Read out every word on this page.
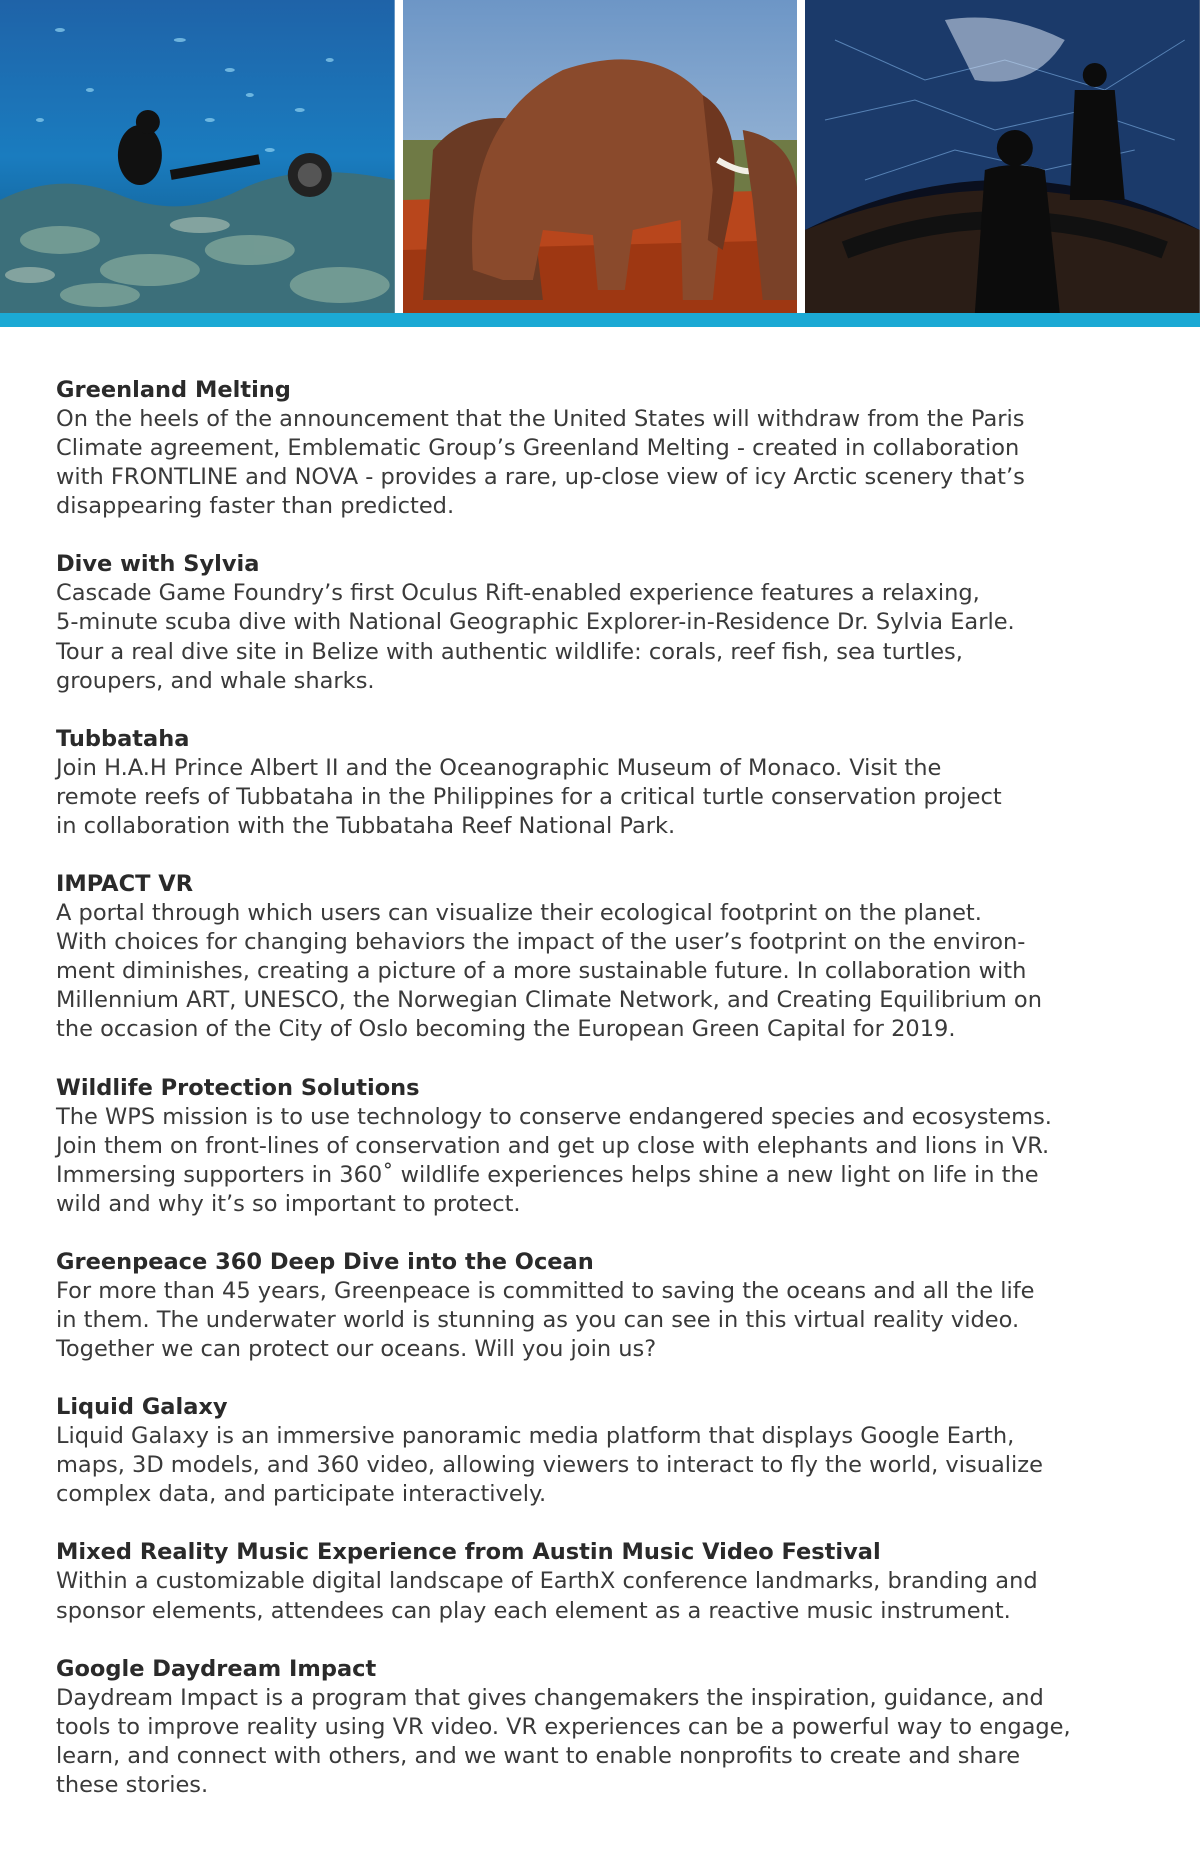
Greenland Melting
On the heels of the announcement that the United States will withdraw from the Paris
Climate agreement, Emblematic Group’s Greenland Melting - created in collaboration
with FRONTLINE and NOVA - provides a rare, up-close view of icy Arctic scenery that’s
disappearing faster than predicted.
Dive with Sylvia
Cascade Game Foundry’s first Oculus Rift-enabled experience features a relaxing,
5-minute scuba dive with National Geographic Explorer-in-Residence Dr. Sylvia Earle.
Tour a real dive site in Belize with authentic wildlife: corals, reef fish, sea turtles,
groupers, and whale sharks.
Tubbataha
Join H.A.H Prince Albert II and the Oceanographic Museum of Monaco. Visit the
remote reefs of Tubbataha in the Philippines for a critical turtle conservation project
in collaboration with the Tubbataha Reef National Park.
IMPACT VR
A portal through which users can visualize their ecological footprint on the planet.
With choices for changing behaviors the impact of the user’s footprint on the environ-
ment diminishes, creating a picture of a more sustainable future. In collaboration with
Millennium ART, UNESCO, the Norwegian Climate Network, and Creating Equilibrium on
the occasion of the City of Oslo becoming the European Green Capital for 2019.
Wildlife Protection Solutions
The WPS mission is to use technology to conserve endangered species and ecosystems.
Join them on front-lines of conservation and get up close with elephants and lions in VR.
Immersing supporters in 360˚ wildlife experiences helps shine a new light on life in the
wild and why it’s so important to protect.
Greenpeace 360 Deep Dive into the Ocean
For more than 45 years, Greenpeace is committed to saving the oceans and all the life
in them. The underwater world is stunning as you can see in this virtual reality video.
Together we can protect our oceans. Will you join us?
Liquid Galaxy
Liquid Galaxy is an immersive panoramic media platform that displays Google Earth,
maps, 3D models, and 360 video, allowing viewers to interact to fly the world, visualize
complex data, and participate interactively.
Mixed Reality Music Experience from Austin Music Video Festival
Within a customizable digital landscape of EarthX conference landmarks, branding and
sponsor elements, attendees can play each element as a reactive music instrument.
Google Daydream Impact
Daydream Impact is a program that gives changemakers the inspiration, guidance, and
tools to improve reality using VR video. VR experiences can be a powerful way to engage,
learn, and connect with others, and we want to enable nonprofits to create and share
these stories.
